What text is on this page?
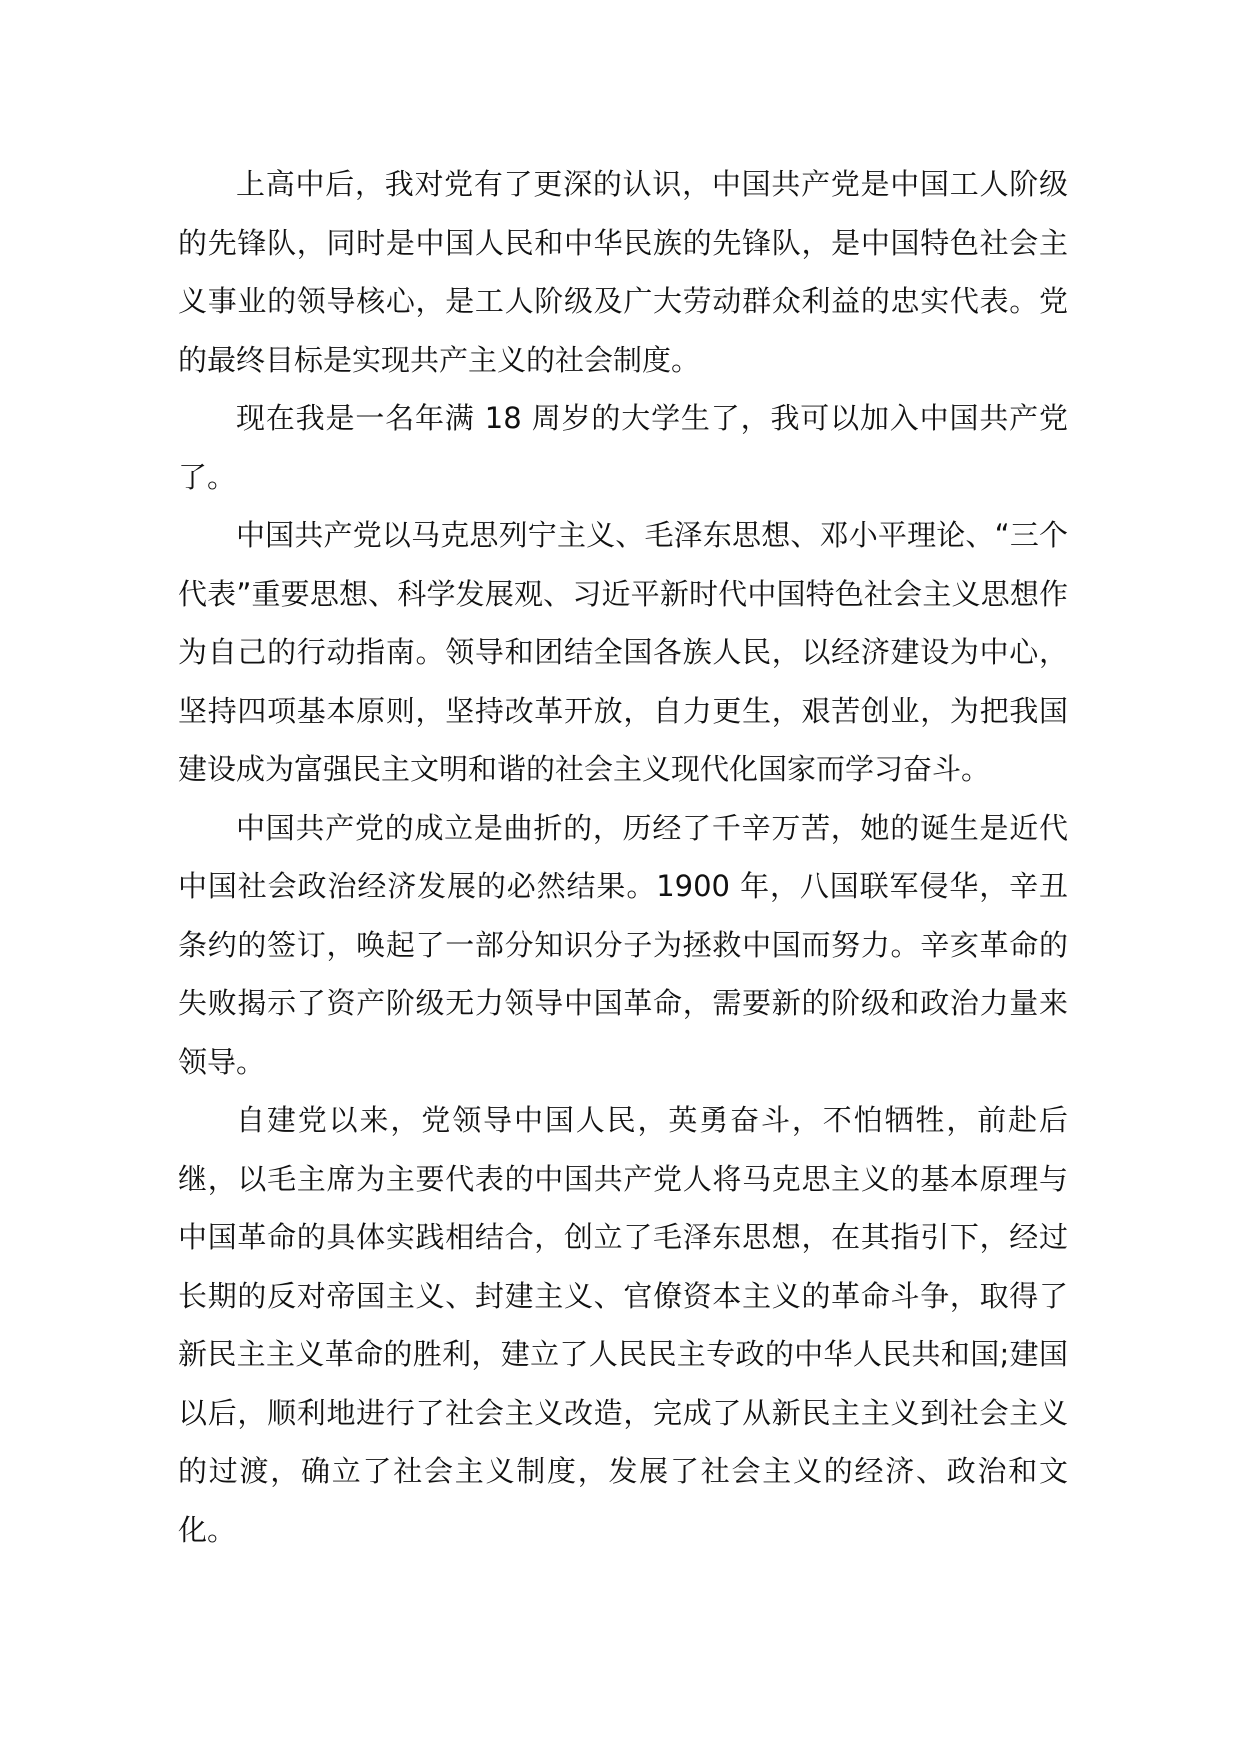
上高中后，我对党有了更深的认识，中国共产党是中国工人阶级的先锋队，同时是中国人民和中华民族的先锋队，是中国特色社会主义事业的领导核心，是工人阶级及广大劳动群众利益的忠实代表。党的最终目标是实现共产主义的社会制度。

现在我是一名年满 18 周岁的大学生了，我可以加入中国共产党了。

中国共产党以马克思列宁主义、毛泽东思想、邓小平理论、“三个代表”重要思想、科学发展观、习近平新时代中国特色社会主义思想作为自己的行动指南。领导和团结全国各族人民，以经济建设为中心，坚持四项基本原则，坚持改革开放，自力更生，艰苦创业，为把我国建设成为富强民主文明和谐的社会主义现代化国家而学习奋斗。

中国共产党的成立是曲折的，历经了千辛万苦，她的诞生是近代中国社会政治经济发展的必然结果。1900 年，八国联军侵华，辛丑条约的签订，唤起了一部分知识分子为拯救中国而努力。辛亥革命的失败揭示了资产阶级无力领导中国革命，需要新的阶级和政治力量来领导。

自建党以来，党领导中国人民，英勇奋斗，不怕牺牲，前赴后继，以毛主席为主要代表的中国共产党人将马克思主义的基本原理与中国革命的具体实践相结合，创立了毛泽东思想，在其指引下，经过长期的反对帝国主义、封建主义、官僚资本主义的革命斗争，取得了新民主主义革命的胜利，建立了人民民主专政的中华人民共和国;建国以后，顺利地进行了社会主义改造，完成了从新民主主义到社会主义的过渡，确立了社会主义制度，发展了社会主义的经济、政治和文化。
